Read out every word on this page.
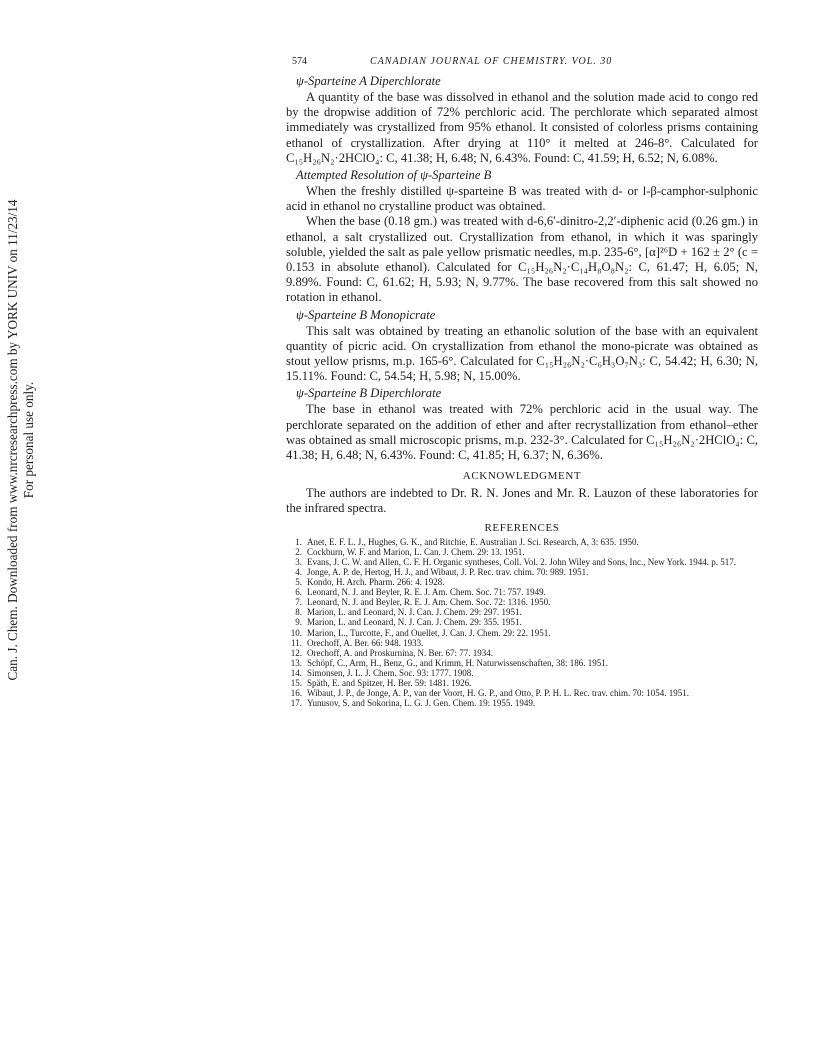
Can. J. Chem. Downloaded from www.nrcresearchpress.com by YORK UNIV on 11/23/14 For personal use only.
574	CANADIAN JOURNAL OF CHEMISTRY. VOL. 30
ψ-Sparteine A Diperchlorate

A quantity of the base was dissolved in ethanol and the solution made acid to congo red by the dropwise addition of 72% perchloric acid. The perchlorate which separated almost immediately was crystallized from 95% ethanol. It consisted of colorless prisms containing ethanol of crystallization. After drying at 110° it melted at 246-8°. Calculated for C₁₅H₂₆N₂·2HClO₄: C, 41.38; H, 6.48; N, 6.43%. Found: C, 41.59; H, 6.52; N, 6.08%.

Attempted Resolution of ψ-Sparteine B

When the freshly distilled ψ-sparteine B was treated with d- or l-β-camphor-sulphonic acid in ethanol no crystalline product was obtained.

When the base (0.18 gm.) was treated with d-6,6′-dinitro-2,2′-diphenic acid (0.26 gm.) in ethanol, a salt crystallized out. Crystallization from ethanol, in which it was sparingly soluble, yielded the salt as pale yellow prismatic needles, m.p. 235-6°, [α]²⁶D + 162 ± 2° (c = 0.153 in absolute ethanol). Calculated for C₁₅H₂₆N₂·C₁₄H₈O₈N₂: C, 61.47; H, 6.05; N, 9.89%. Found: C, 61.62; H, 5.93; N, 9.77%. The base recovered from this salt showed no rotation in ethanol.

ψ-Sparteine B Monopicrate

This salt was obtained by treating an ethanolic solution of the base with an equivalent quantity of picric acid. On crystallization from ethanol the mono-picrate was obtained as stout yellow prisms, m.p. 165-6°. Calculated for C₁₅H₂₆N₂·C₆H₃O₇N₃: C, 54.42; H, 6.30; N, 15.11%. Found: C, 54.54; H, 5.98; N, 15.00%.

ψ-Sparteine B Diperchlorate

The base in ethanol was treated with 72% perchloric acid in the usual way. The perchlorate separated on the addition of ether and after recrystallization from ethanol–ether was obtained as small microscopic prisms, m.p. 232-3°. Calculated for C₁₅H₂₆N₂·2HClO₄: C, 41.38; H, 6.48; N, 6.43%. Found: C, 41.85; H, 6.37; N, 6.36%.

ACKNOWLEDGMENT

The authors are indebted to Dr. R. N. Jones and Mr. R. Lauzon of these laboratories for the infrared spectra.

REFERENCES
1. Anet, E. F. L. J., Hughes, G. K., and Ritchie, E. Australian J. Sci. Research, A, 3: 635. 1950.
2. Cockburn, W. F. and Marion, L. Can. J. Chem. 29: 13. 1951.
3. Evans, J. C. W. and Allen, C. F. H. Organic syntheses, Coll. Vol. 2. John Wiley and Sons, Inc., New York. 1944. p. 517.
4. Jonge, A. P. de, Hertog, H. J., and Wibaut, J. P. Rec. trav. chim. 70: 989. 1951.
5. Kondo, H. Arch. Pharm. 266: 4. 1928.
6. Leonard, N. J. and Beyler, R. E. J. Am. Chem. Soc. 71: 757. 1949.
7. Leonard, N. J. and Beyler, R. E. J. Am. Chem. Soc. 72: 1316. 1950.
8. Marion, L. and Leonard, N. J. Can. J. Chem. 29: 297. 1951.
9. Marion, L. and Leonard, N. J. Can. J. Chem. 29: 355. 1951.
10. Marion, L., Turcotte, F., and Ouellet, J. Can. J. Chem. 29: 22. 1951.
11. Orechoff, A. Ber. 66: 948. 1933.
12. Orechoff, A. and Proskurnina, N. Ber. 67: 77. 1934.
13. Schöpf, C., Arm, H., Benz, G., and Krimm, H. Naturwissenschaften, 38: 186. 1951.
14. Simonsen, J. L. J. Chem. Soc. 93: 1777. 1908.
15. Späth, E. and Spitzer, H. Ber. 59: 1481. 1926.
16. Wibaut, J. P., de Jonge, A. P., van der Voort, H. G. P., and Otto, P. P. H. L. Rec. trav. chim. 70: 1054. 1951.
17. Yunusov, S. and Sokorina, L. G. J. Gen. Chem. 19: 1955. 1949.
